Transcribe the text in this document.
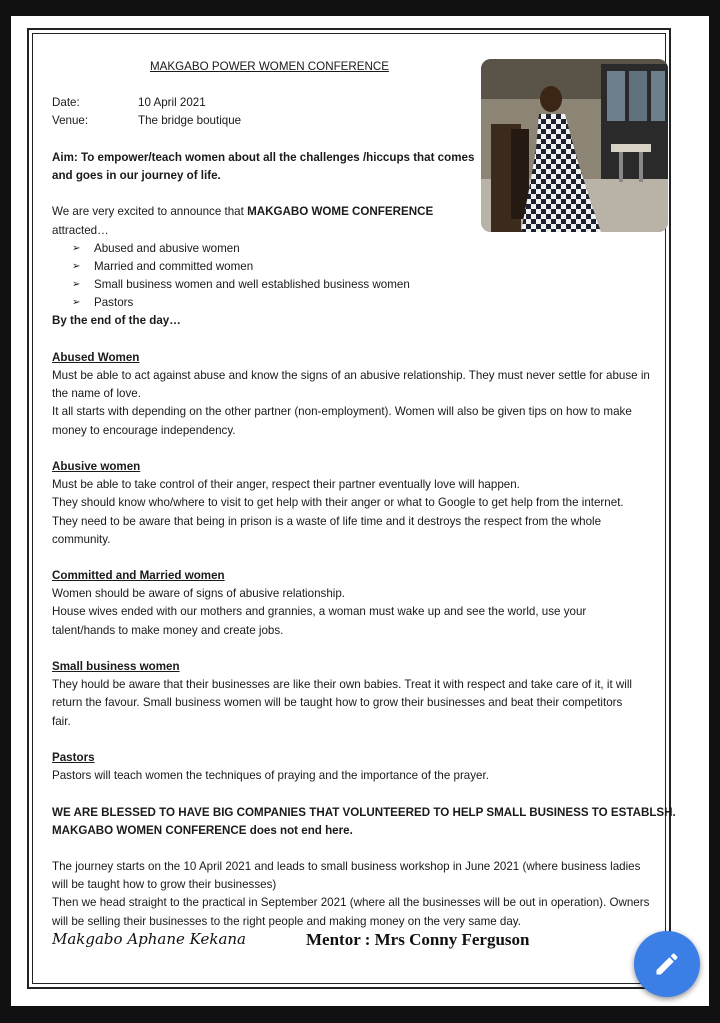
MAKGABO POWER WOMEN CONFERENCE
Date:	10 April 2021
Venue:	The bridge boutique
Aim: To empower/teach women about all the challenges /hiccups that comes
and goes in our journey of life.
We are very excited to announce that MAKGABO WOME CONFERENCE
attracted…
➢ Abused and abusive women
➢ Married and committed women
➢ Small business women and well established business women
➢ Pastors
By the end of the day…
Abused Women
Must be able to act against abuse and know the signs of an abusive relationship. They must never settle for abuse in
the name of love.
It all starts with depending on the other partner (non-employment). Women will also be given tips on how to make
money to encourage independency.
Abusive women
Must be able to take control of their anger, respect their partner eventually love will happen.
They should know who/where to visit to get help with their anger or what to Google to get help from the internet.
They need to be aware that being in prison is a waste of life time and it destroys the respect from the whole
community.
Committed and Married women
Women should be aware of signs of abusive relationship.
House wives ended with our mothers and grannies, a woman must wake up and see the world, use your
talent/hands to make money and create jobs.
Small business women
They hould be aware that their businesses are like their own babies. Treat it with respect and take care of it, it will
return the favour. Small business women will be taught how to grow their businesses and beat their competitors
fair.
Pastors
Pastors will teach women the techniques of praying and the importance of the prayer.
WE ARE BLESSED TO HAVE BIG COMPANIES THAT VOLUNTEERED TO HELP SMALL BUSINESS TO ESTABLSH.
MAKGABO WOMEN CONFERENCE does not end here.
The journey starts on the 10 April 2021 and leads to small business workshop in June 2021 (where business ladies
will be taught how to grow their businesses)
Then we head straight to the practical in September 2021 (where all the businesses will be out in operation). Owners
will be selling their businesses to the right people and making money on the very same day.
Makgabo Aphane Kekana	Mentor : Mrs Conny Ferguson
